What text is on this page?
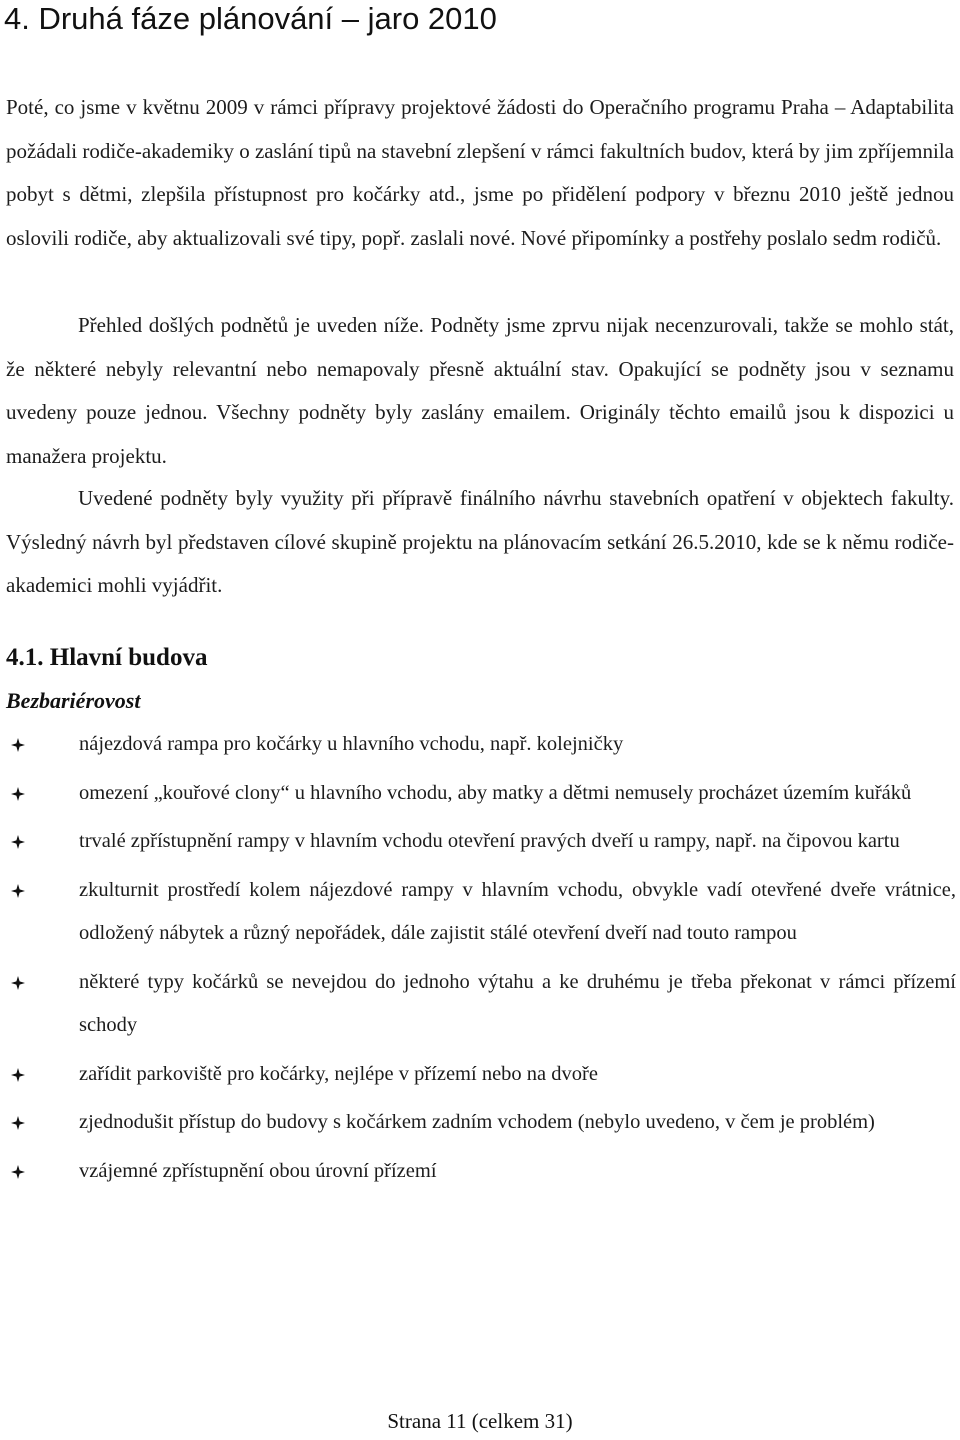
4. Druhá fáze plánování – jaro 2010

Poté, co jsme v květnu 2009 v rámci přípravy projektové žádosti do Operačního programu Praha – Adaptabilita požádali rodiče-akademiky o zaslání tipů na stavební zlepšení v rámci fakultních budov, která by jim zpříjemnila pobyt s dětmi, zlepšila přístupnost pro kočárky atd., jsme po přidělení podpory v březnu 2010 ještě jednou oslovili rodiče, aby aktualizovali své tipy, popř. zaslali nové. Nové připomínky a postřehy poslalo sedm rodičů.

Přehled došlých podnětů je uveden níže. Podněty jsme zprvu nijak necenzurovali, takže se mohlo stát, že některé nebyly relevantní nebo nemapovaly přesně aktuální stav. Opakující se podněty jsou v seznamu uvedeny pouze jednou. Všechny podněty byly zaslány emailem. Originály těchto emailů jsou k dispozici u manažera projektu.

Uvedené podněty byly využity při přípravě finálního návrhu stavebních opatření v objektech fakulty. Výsledný návrh byl představen cílové skupině projektu na plánovacím setkání 26.5.2010, kde se k němu rodiče-akademici mohli vyjádřit.

4.1. Hlavní budova
Bezbariérovost
nájezdová rampa pro kočárky u hlavního vchodu, např. kolejničky
omezení „kouřové clony“ u hlavního vchodu, aby matky a dětmi nemusely procházet územím kuřáků
trvalé zpřístupnění rampy v hlavním vchodu otevření pravých dveří u rampy, např. na čipovou kartu
zkulturnit prostředí kolem nájezdové rampy v hlavním vchodu, obvykle vadí otevřené dveře vrátnice, odložený nábytek a různý nepořádek, dále zajistit stálé otevření dveří nad touto rampou
některé typy kočárků se nevejdou do jednoho výtahu a ke druhému je třeba překonat v rámci přízemí schody
zařídit parkoviště pro kočárky, nejlépe v přízemí nebo na dvoře
zjednodušit přístup do budovy s kočárkem zadním vchodem (nebylo uvedeno, v čem je problém)
vzájemné zpřístupnění obou úrovní přízemí
Strana 11 (celkem 31)
